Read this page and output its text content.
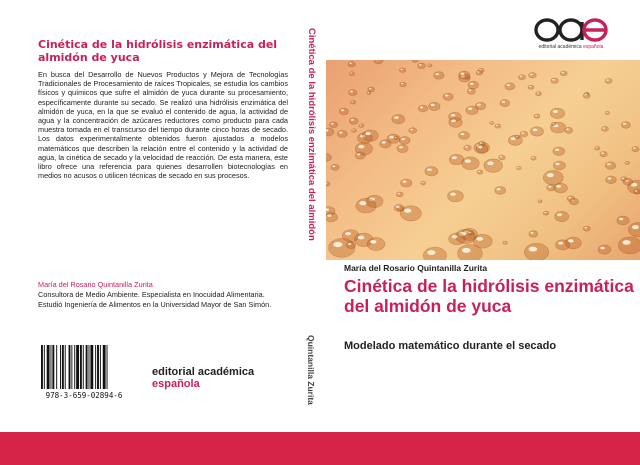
Cinética de la hidrólisis enzimática del almidón de yuca

En busca del Desarrollo de Nuevos Productos y Mejora de Tecnologías Tradicionales de Procesamiento de raíces Tropicales, se estudia los cambios físicos y químicos que sufre el almidón de yuca durante su procesamiento, específicamente durante su secado. Se realizó una hidrólisis enzimática del almidón de yuca, en la que se evaluó el contenido de agua, la actividad de agua y la concentración de azúcares reductores como producto para cada muestra tomada en el transcurso del tiempo durante cinco horas de secado. Los datos experimentalmente obtenidos fueron ajustados a modelos matemáticos que describen la relación entre el contenido y la actividad de agua, la cinética de secado y la velocidad de reacción. De esta manera, este libro ofrece una referencia para quienes desarrollen biotecnologías en medios no acusos o utilicen técnicas de secado en sus procesos.

María del Rosario Quintanilla Zurita

Consultora de Medio Ambiente. Especialista en Inocuidad Alimentaria. Estudió Ingeniería de Alimentos en la Universidad Mayor de San Simón.

978-3-659-02894-6
editorial académica española
Cinética de la hidrólisis enzimática del almidón
Quintanilla Zurita
editorial académica española
María del Rosario Quintanilla Zurita
Cinética de la hidrólisis enzimática del almidón de yuca
Modelado matemático durante el secado
